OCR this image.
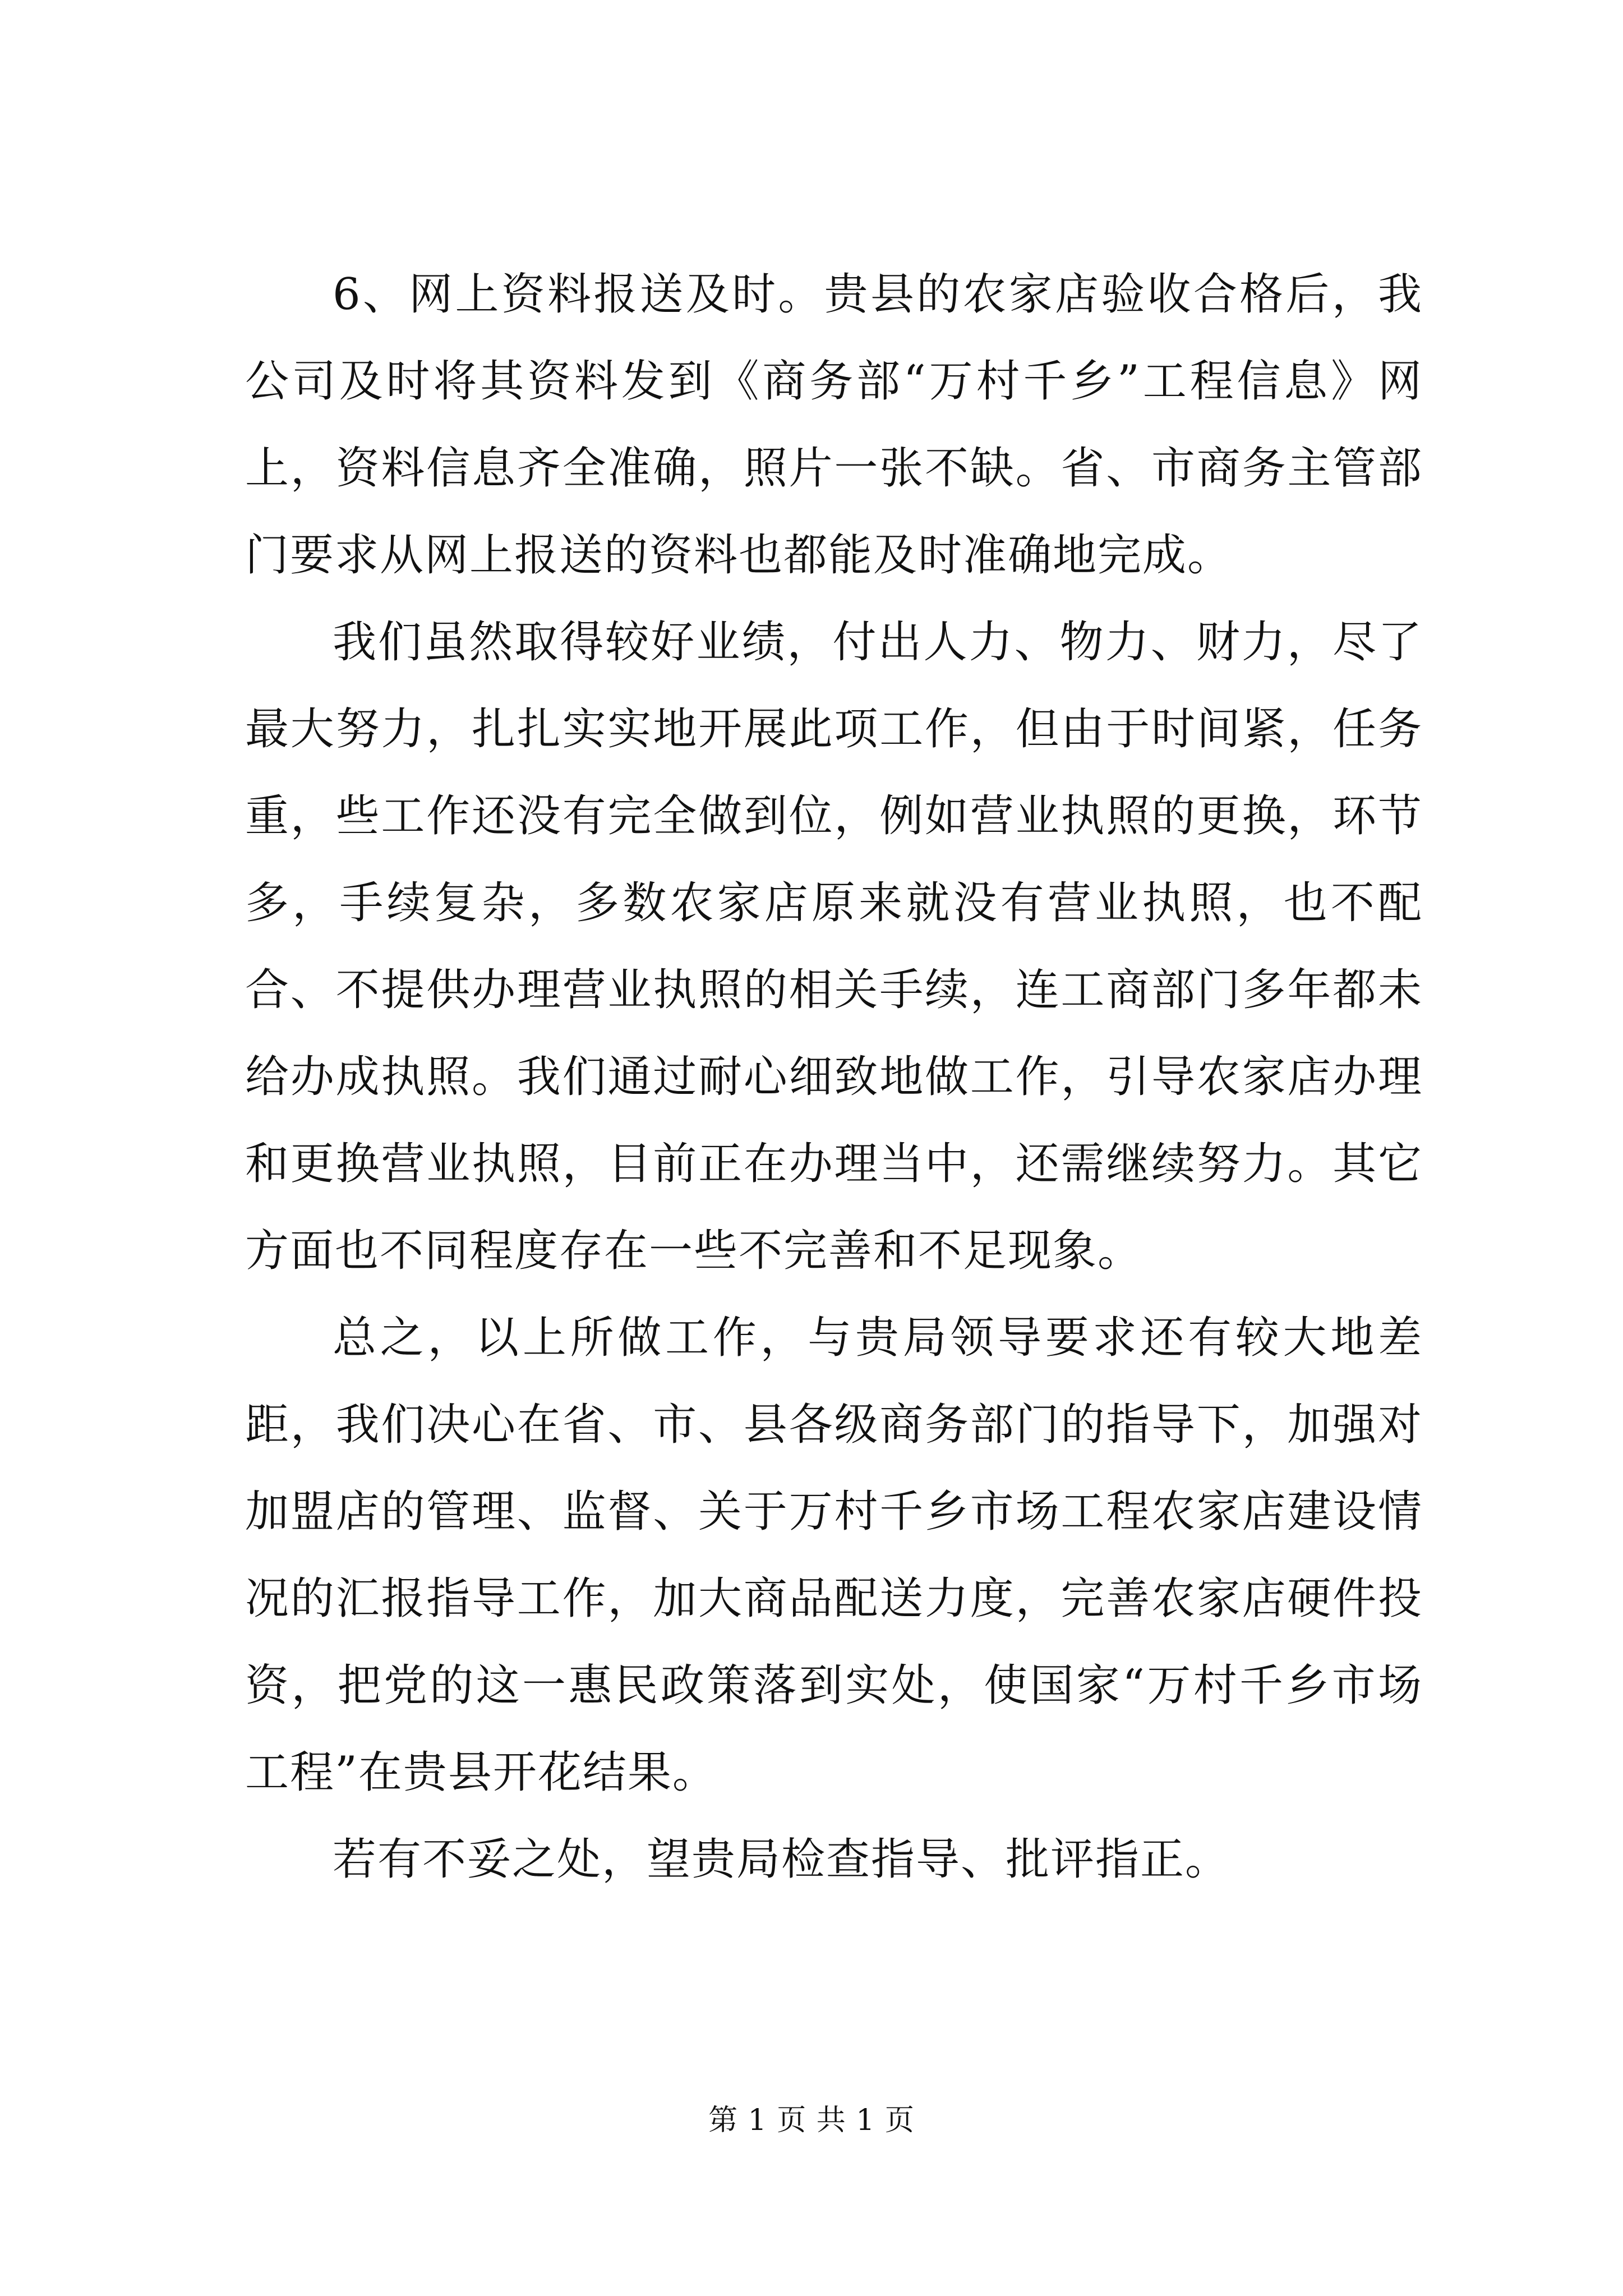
6、网上资料报送及时。贵县的农家店验收合格后，我公司及时将其资料发到《商务部“万村千乡”工程信息》网上，资料信息齐全准确，照片一张不缺。省、市商务主管部门要求从网上报送的资料也都能及时准确地完成。

我们虽然取得较好业绩，付出人力、物力、财力，尽了最大努力，扎扎实实地开展此项工作，但由于时间紧，任务重，些工作还没有完全做到位，例如营业执照的更换，环节多，手续复杂，多数农家店原来就没有营业执照，也不配合、不提供办理营业执照的相关手续，连工商部门多年都未给办成执照。我们通过耐心细致地做工作，引导农家店办理和更换营业执照，目前正在办理当中，还需继续努力。其它方面也不同程度存在一些不完善和不足现象。

总之，以上所做工作，与贵局领导要求还有较大地差距，我们决心在省、市、县各级商务部门的指导下，加强对加盟店的管理、监督、关于万村千乡市场工程农家店建设情况的汇报指导工作，加大商品配送力度，完善农家店硬件投资，把党的这一惠民政策落到实处，使国家“万村千乡市场工程”在贵县开花结果。

若有不妥之处，望贵局检查指导、批评指正。

第 1 页 共 1 页
